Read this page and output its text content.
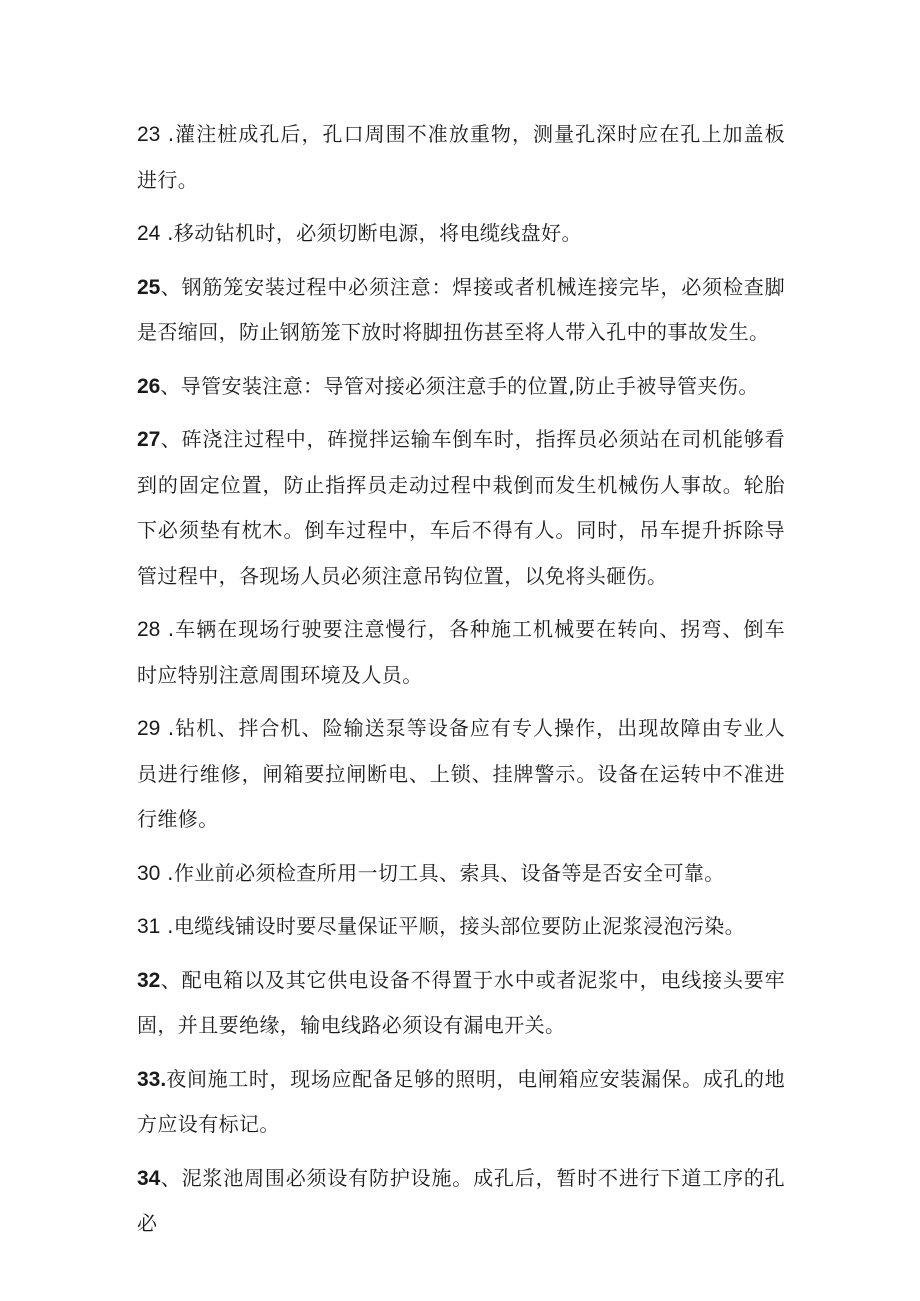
23 .灌注桩成孔后，孔口周围不准放重物，测量孔深时应在孔上加盖板进行。

24 .移动钻机时，必须切断电源，将电缆线盘好。

25、钢筋笼安装过程中必须注意：焊接或者机械连接完毕，必须检查脚是否缩回，防止钢筋笼下放时将脚扭伤甚至将人带入孔中的事故发生。

26、导管安装注意：导管对接必须注意手的位置,防止手被导管夹伤。

27、砗浇注过程中，砗搅拌运输车倒车时，指挥员必须站在司机能够看到的固定位置，防止指挥员走动过程中栽倒而发生机械伤人事故。轮胎下必须垫有枕木。倒车过程中，车后不得有人。同时，吊车提升拆除导管过程中，各现场人员必须注意吊钩位置，以免将头砸伤。

28 .车辆在现场行驶要注意慢行，各种施工机械要在转向、拐弯、倒车时应特别注意周围环境及人员。

29 .钻机、拌合机、险输送泵等设备应有专人操作，出现故障由专业人员进行维修，闸箱要拉闸断电、上锁、挂牌警示。设备在运转中不准进行维修。

30 .作业前必须检查所用一切工具、索具、设备等是否安全可靠。

31 .电缆线铺设时要尽量保证平顺，接头部位要防止泥浆浸泡污染。

32、配电箱以及其它供电设备不得置于水中或者泥浆中，电线接头要牢固，并且要绝缘，输电线路必须设有漏电开关。

33.夜间施工时，现场应配备足够的照明，电闸箱应安装漏保。成孔的地方应设有标记。

34、泥浆池周围必须设有防护设施。成孔后，暂时不进行下道工序的孔必
